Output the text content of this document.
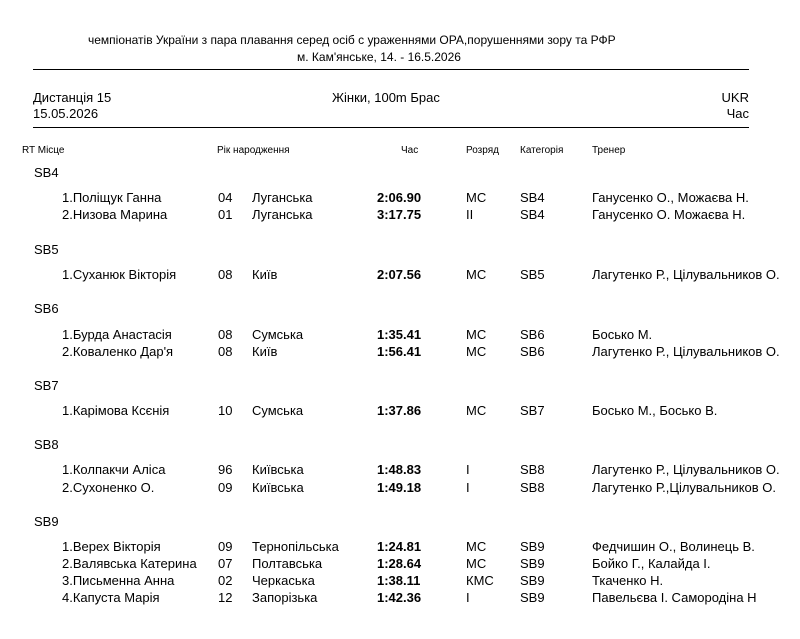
чемпіонатів України з пара плавання серед осіб с ураженнями ОРА,порушеннями зору та РФР
м. Кам'янське, 14. - 16.5.2026
Дистанція 15
15.05.2026
Жінки, 100m Брас	UKR
Час
RT Місце	Рік народження	Час	Розряд Категорія	Тренер
SB4
1.Поліщук Ганна	04 Луганська	2:06.90	МС	SB4	Ганусенко О., Можаєва Н.
2.Низова Марина	01 Луганська	3:17.75	II	SB4	Ганусенко О. Можаєва Н.
SB5
1.Суханюк Вікторія	08 Київ	2:07.56	МС	SB5	Лагутенко Р., Цілувальников О.
SB6
1.Бурда Анастасія	08 Сумська	1:35.41	МС	SB6	Босько М.
2.Коваленко Дар'я	08 Київ	1:56.41	МС	SB6	Лагутенко Р., Цілувальников О.
SB7
1.Карімова Ксєнія	10 Сумська	1:37.86	МС	SB7	Босько М., Босько В.
SB8
1.Колпакчи Аліса	96 Київська	1:48.83	I	SB8	Лагутенко Р., Цілувальников О.
2.Сухоненко О.	09 Київська	1:49.18	I	SB8	Лагутенко Р.,Цілувальников О.
SB9
1.Верех Вікторія	09 Тернопільська	1:24.81	МС	SB9	Федчишин О., Волинець В.
2.Валявська Катерина 07 Полтавська	1:28.64	МС	SB9	Бойко Г., Калайда І.
3.Письменна Анна	02 Черкаська	1:38.11	КМС SB9	Ткаченко Н.
4.Капуста Марія	12 Запорізька	1:42.36	I	SB9	Павельєва І. Самородіна Н
